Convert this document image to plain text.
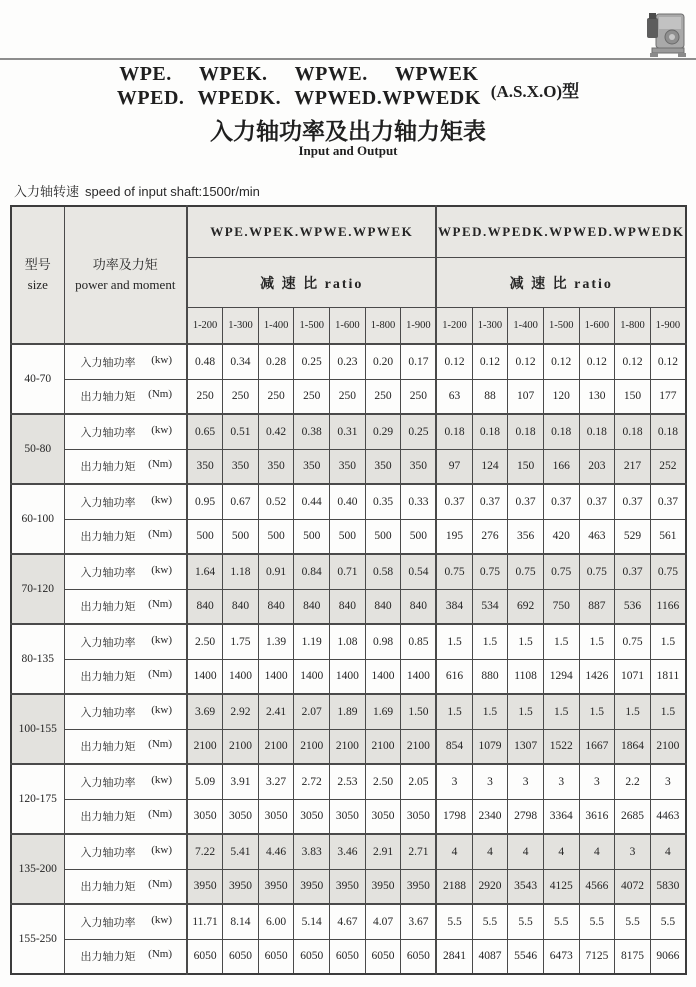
WPE. WPEK. WPWE. WPWEK
WPED. WPEDK. WPWED.WPWEDK (A.S.X.O)型
入力轴功率及出力轴力矩表
Input and Output
入力轴转速 speed of input shaft:1500r/min
型号
size

功率及力矩
power and moment
	WPE.WPEK.WPWE.WPWEK	WPED.WPEDK.WPWED.WPWEDK
		减 速 比 ratio							减 速 比 ratio						
		1-200	1-300	1-400	1-500	1-600	1-800	1-900	1-200	1-300	1-400	1-500	1-600	1-800	1-900
40-70	入力轴功率 (kw)	0.48	0.34	0.28	0.25	0.23	0.20	0.17	0.12	0.12	0.12	0.12	0.12	0.12	0.12

	出力轴力矩 (Nm)	250	250	250	250	250	250	250	63	88	107	120	130	150	177
50-80	入力轴功率 (kw)	0.65	0.51	0.42	0.38	0.31	0.29	0.25	0.18	0.18	0.18	0.18	0.18	0.18	0.18

	出力轴力矩 (Nm)	350	350	350	350	350	350	350	97	124	150	166	203	217	252
60-100	入力轴功率 (kw)	0.95	0.67	0.52	0.44	0.40	0.35	0.33	0.37	0.37	0.37	0.37	0.37	0.37	0.37

	出力轴力矩 (Nm)	500	500	500	500	500	500	500	195	276	356	420	463	529	561
70-120	入力轴功率 (kw)	1.64	1.18	0.91	0.84	0.71	0.58	0.54	0.75	0.75	0.75	0.75	0.75	0.37	0.75

	出力轴力矩 (Nm)	840	840	840	840	840	840	840	384	534	692	750	887	536	1166
80-135	入力轴功率 (kw)	2.50	1.75	1.39	1.19	1.08	0.98	0.85	1.5	1.5	1.5	1.5	1.5	0.75	1.5

	出力轴力矩 (Nm)	1400	1400	1400	1400	1400	1400	1400	616	880	1108	1294	1426	1071	1811
100-155	入力轴功率 (kw)	3.69	2.92	2.41	2.07	1.89	1.69	1.50	1.5	1.5	1.5	1.5	1.5	1.5	1.5

	出力轴力矩 (Nm)	2100	2100	2100	2100	2100	2100	2100	854	1079	1307	1522	1667	1864	2100
120-175	入力轴功率 (kw)	5.09	3.91	3.27	2.72	2.53	2.50	2.05	3	3	3	3	3	2.2	3

	出力轴力矩 (Nm)	3050	3050	3050	3050	3050	3050	3050	1798	2340	2798	3364	3616	2685	4463
135-200	入力轴功率 (kw)	7.22	5.41	4.46	3.83	3.46	2.91	2.71	4	4	4	4	4	3	4

	出力轴力矩 (Nm)	3950	3950	3950	3950	3950	3950	3950	2188	2920	3543	4125	4566	4072	5830
155-250	入力轴功率 (kw)	11.71	8.14	6.00	5.14	4.67	4.07	3.67	5.5	5.5	5.5	5.5	5.5	5.5	5.5

	出力轴力矩 (Nm)	6050	6050	6050	6050	6050	6050	6050	2841	4087	5546	6473	7125	8175	9066
